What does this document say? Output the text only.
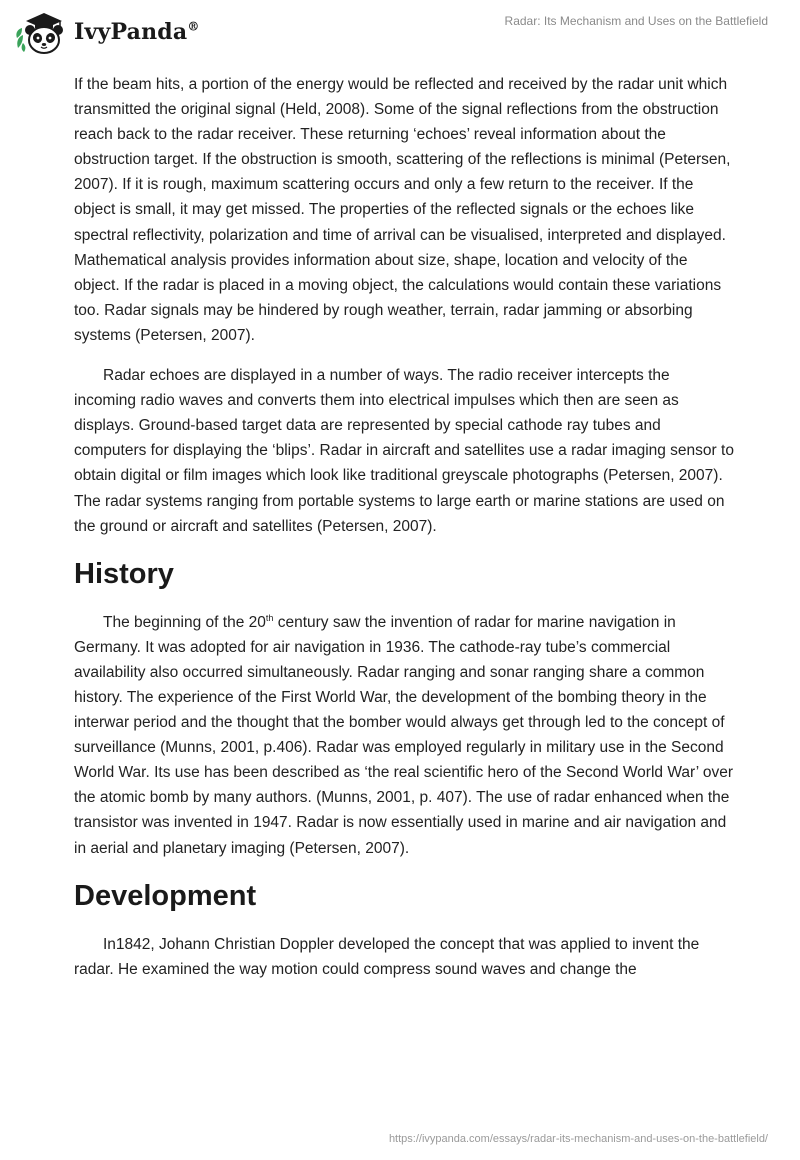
IvyPanda®	Radar: Its Mechanism and Uses on the Battlefield

If the beam hits, a portion of the energy would be reflected and received by the radar unit which transmitted the original signal (Held, 2008). Some of the signal reflections from the obstruction reach back to the radar receiver. These returning ‘echoes’ reveal information about the obstruction target. If the obstruction is smooth, scattering of the reflections is minimal (Petersen, 2007). If it is rough, maximum scattering occurs and only a few return to the receiver. If the object is small, it may get missed. The properties of the reflected signals or the echoes like spectral reflectivity, polarization and time of arrival can be visualised, interpreted and displayed. Mathematical analysis provides information about size, shape, location and velocity of the object. If the radar is placed in a moving object, the calculations would contain these variations too. Radar signals may be hindered by rough weather, terrain, radar jamming or absorbing systems (Petersen, 2007).

Radar echoes are displayed in a number of ways. The radio receiver intercepts the incoming radio waves and converts them into electrical impulses which then are seen as displays. Ground-based target data are represented by special cathode ray tubes and computers for displaying the ‘blips’. Radar in aircraft and satellites use a radar imaging sensor to obtain digital or film images which look like traditional greyscale photographs (Petersen, 2007). The radar systems ranging from portable systems to large earth or marine stations are used on the ground or aircraft and satellites (Petersen, 2007).

History

The beginning of the 20th century saw the invention of radar for marine navigation in Germany. It was adopted for air navigation in 1936. The cathode-ray tube’s commercial availability also occurred simultaneously. Radar ranging and sonar ranging share a common history. The experience of the First World War, the development of the bombing theory in the interwar period and the thought that the bomber would always get through led to the concept of surveillance (Munns, 2001, p.406). Radar was employed regularly in military use in the Second World War. Its use has been described as ‘the real scientific hero of the Second World War’ over the atomic bomb by many authors. (Munns, 2001, p. 407). The use of radar enhanced when the transistor was invented in 1947. Radar is now essentially used in marine and air navigation and in aerial and planetary imaging (Petersen, 2007).

Development

In1842, Johann Christian Doppler developed the concept that was applied to invent the radar. He examined the way motion could compress sound waves and change the

https://ivypanda.com/essays/radar-its-mechanism-and-uses-on-the-battlefield/
